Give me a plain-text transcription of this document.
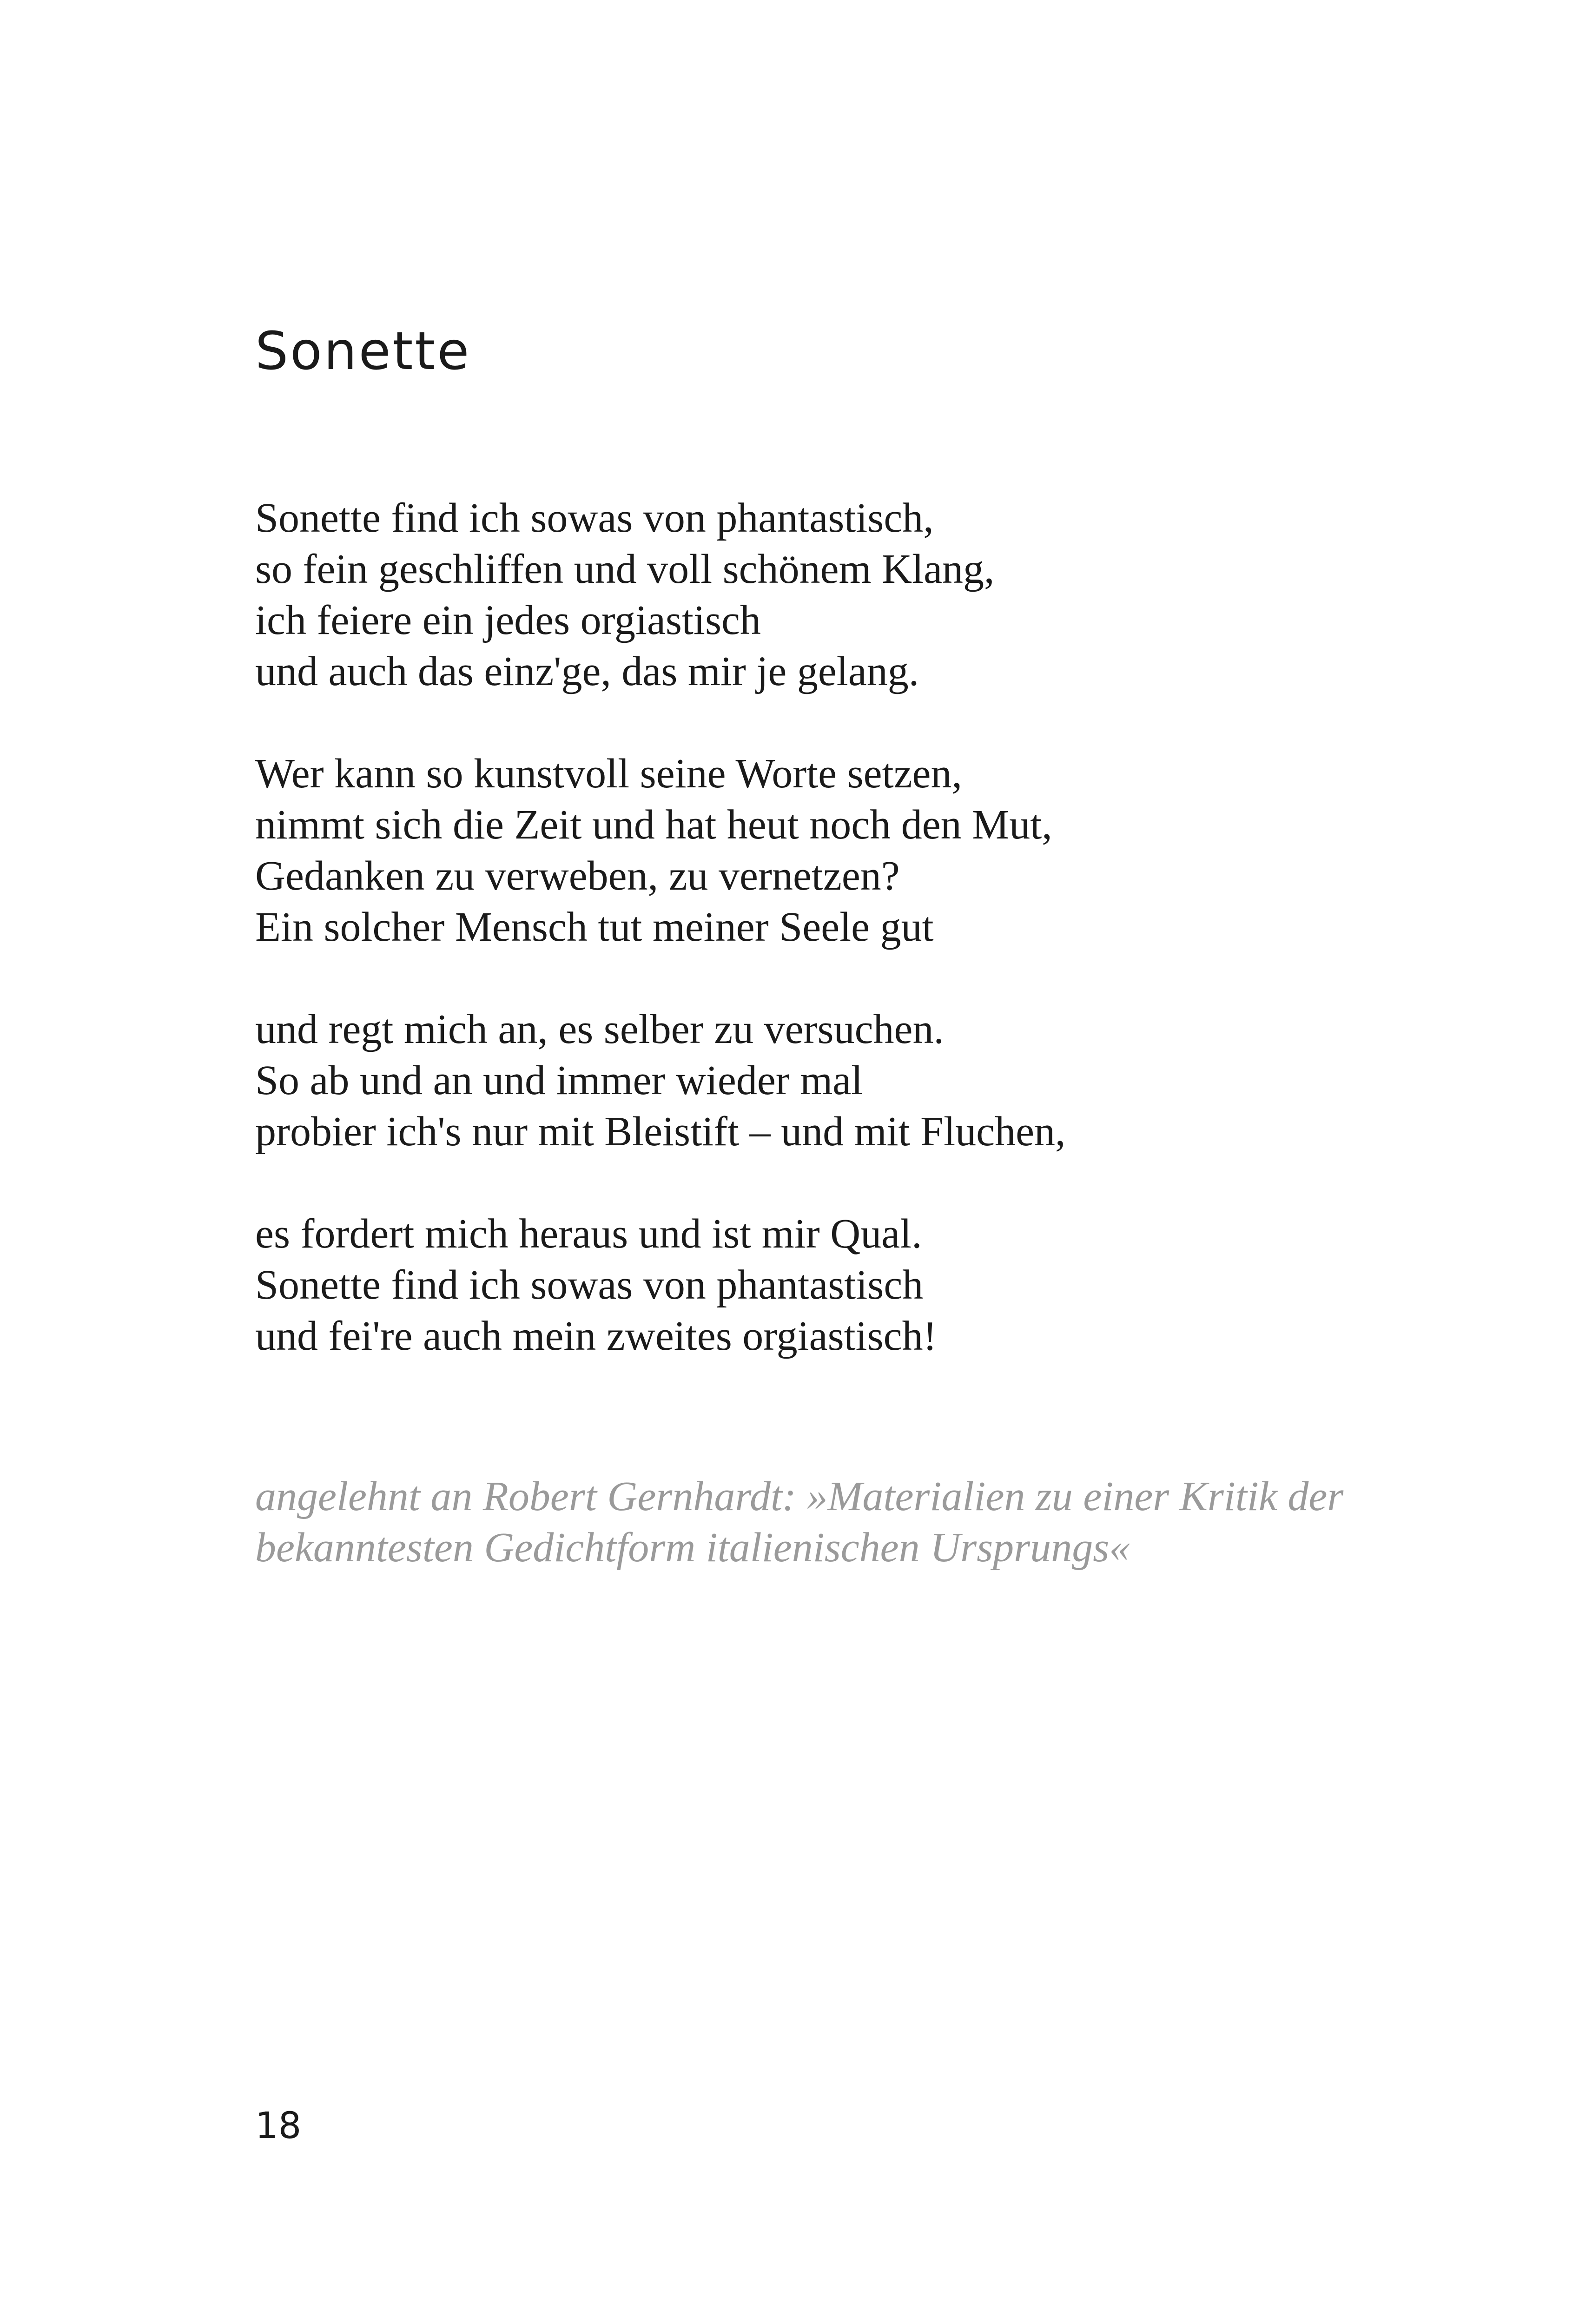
Sonette
Sonette find ich sowas von phantastisch,
so fein geschliffen und voll schönem Klang,
ich feiere ein jedes orgiastisch
und auch das einz'ge, das mir je gelang.
Wer kann so kunstvoll seine Worte setzen,
nimmt sich die Zeit und hat heut noch den Mut,
Gedanken zu verweben, zu vernetzen?
Ein solcher Mensch tut meiner Seele gut
und regt mich an, es selber zu versuchen.
So ab und an und immer wieder mal
probier ich's nur mit Bleistift – und mit Fluchen,
es fordert mich heraus und ist mir Qual.
Sonette find ich sowas von phantastisch
und fei're auch mein zweites orgiastisch!
angelehnt an Robert Gernhardt: »Materialien zu einer Kritik der
bekanntesten Gedichtform italienischen Ursprungs«
18
